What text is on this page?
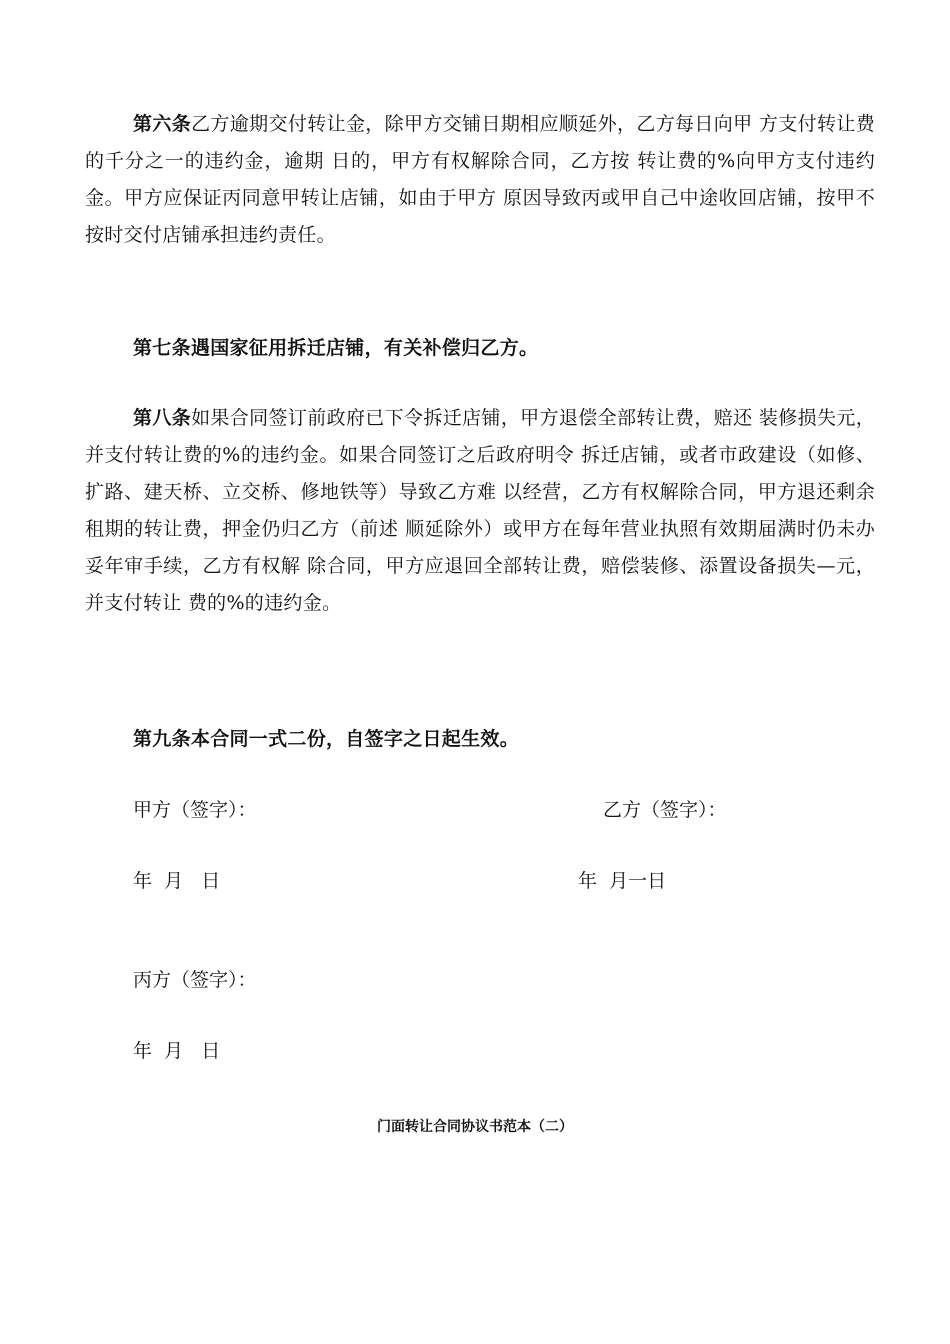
第六条乙方逾期交付转让金，除甲方交铺日期相应顺延外，乙方每日向甲 方支付转让费的千分之一的违约金，逾期 日的，甲方有权解除合同，乙方按 转让费的%向甲方支付违约金。甲方应保证丙同意甲转让店铺，如由于甲方 原因导致丙或甲自己中途收回店铺，按甲不按时交付店铺承担违约责任。

第七条遇国家征用拆迁店铺，有关补偿归乙方。

第八条如果合同签订前政府已下令拆迁店铺，甲方退偿全部转让费，赔还 装修损失元，并支付转让费的%的违约金。如果合同签订之后政府明令 拆迁店铺，或者市政建设（如修、扩路、建天桥、立交桥、修地铁等）导致乙方难 以经营，乙方有权解除合同，甲方退还剩余租期的转让费，押金仍归乙方（前述 顺延除外）或甲方在每年营业执照有效期届满时仍未办妥年审手续，乙方有权解 除合同，甲方应退回全部转让费，赔偿装修、添置设备损失—元，并支付转让 费的%的违约金。

第九条本合同一式二份，自签字之日起生效。

甲方（签字）：	乙方（签字）：
年  月   日	年  月一日
丙方（签字）：
年  月   日
门面转让合同协议书范本（二）
